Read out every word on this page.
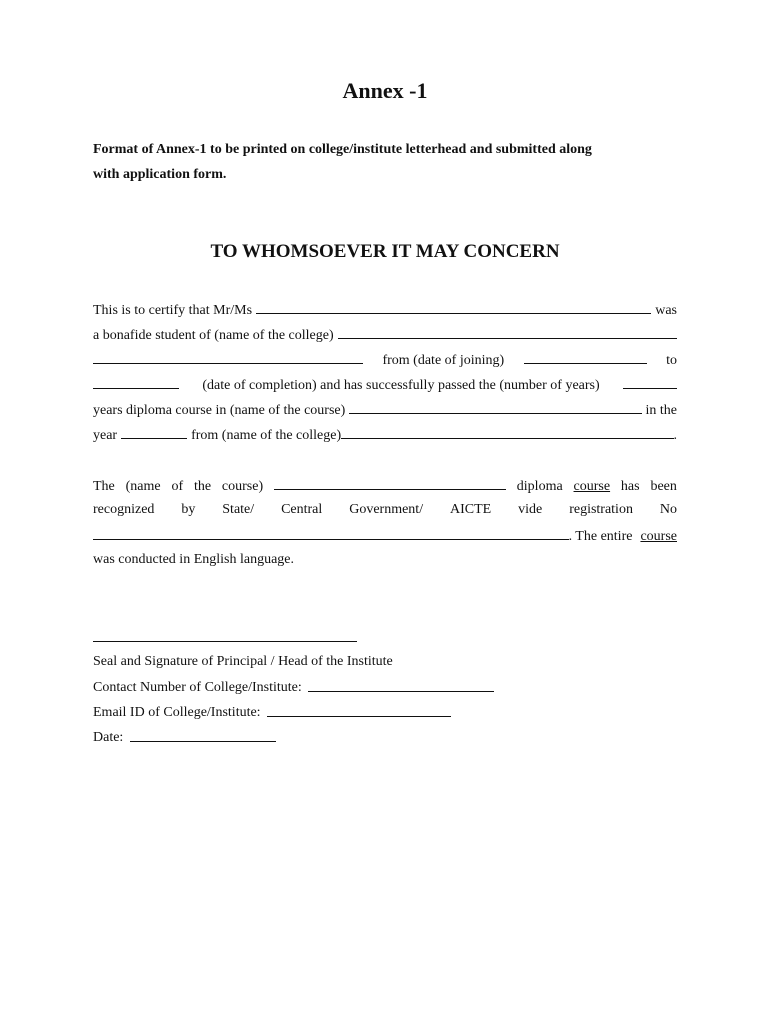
Annex -1
Format of Annex-1 to be printed on college/institute letterhead and submitted along
with application form.
TO WHOMSOEVER IT MAY CONCERN
This is to certify that Mr/Ms	was
a bonafide student of (name of the college)
from (date of joining)	to
(date of completion) and has successfully passed the (number of years)
years diploma course in (name of the course)	in the
year	from (name of the college)	.
The (name of the course)	diploma course has been
recognized by State/ Central Government/ AICTE vide registration No
. The entire course
was conducted in English language.
Seal and Signature of Principal / Head of the Institute
Contact Number of College/Institute:
Email ID of College/Institute:
Date:
